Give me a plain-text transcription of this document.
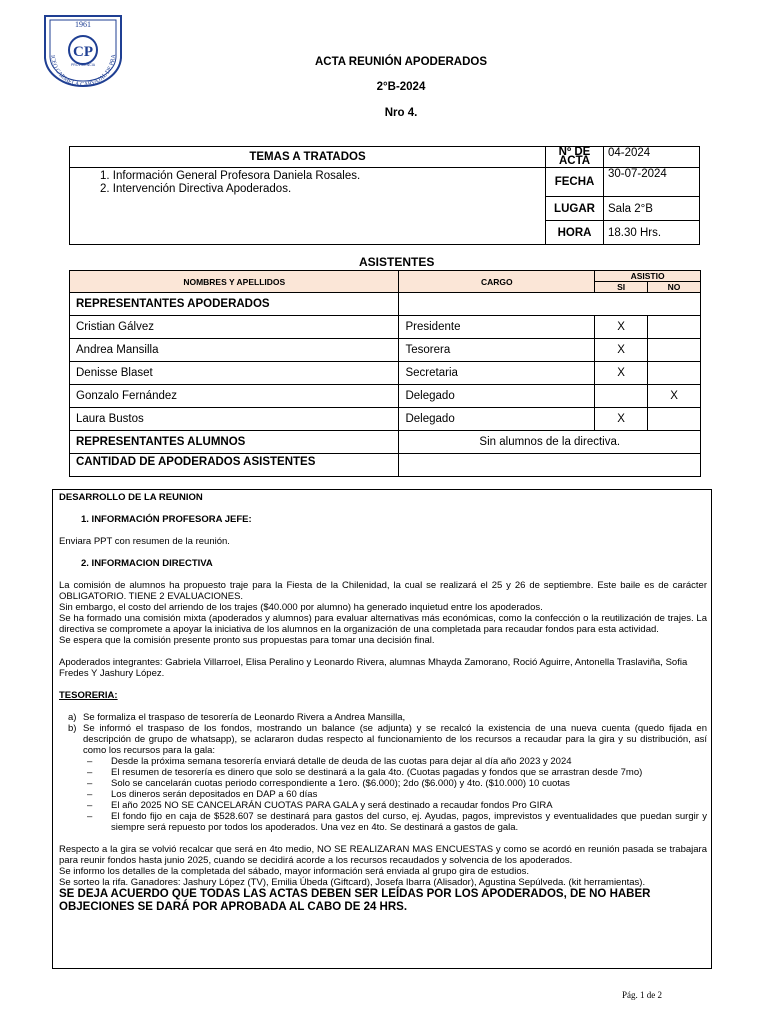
1961
CP
PROVIDENCIA
ICEO CARMELA CARVAJAL DE PRA	ACTA REUNIÓN APODERADOS
2°B-2024
Nro 4.
TEMAS A TRATADOS	Nº DE ACTA	04-2024

1. Información General Profesora Daniela Rosales.
2. Intervención Directiva Apoderados.	FECHA	30-07-2024
	LUGAR	Sala 2°B
	HORA	18.30 Hrs.
ASISTENTES
NOMBRES Y APELLIDOS	CARGO	ASISTIO	
		SI	NO
REPRESENTANTES APODERADOS			
Cristian Gálvez	Presidente	X	
Andrea Mansilla	Tesorera	X	
Denisse Blaset	Secretaria	X	
Gonzalo Fernández	Delegado		X
Laura Bustos	Delegado	X	
REPRESENTANTES ALUMNOS	Sin alumnos de la directiva.		
CANTIDAD DE APODERADOS ASISTENTES			

DESARROLLO DE LA REUNION

1. INFORMACIÓN PROFESORA JEFE:

Enviara PPT con resumen de la reunión.

2. INFORMACION DIRECTIVA

La comisión de alumnos ha propuesto traje para la Fiesta de la Chilenidad, la cual se realizará el 25 y 26 de septiembre. Este baile es de carácter OBLIGATORIO. TIENE 2 EVALUACIONES.

Sin embargo, el costo del arriendo de los trajes ($40.000 por alumno) ha generado inquietud entre los apoderados.

Se ha formado una comisión mixta (apoderados y alumnos) para evaluar alternativas más económicas, como la confección o la reutilización de trajes. La directiva se compromete a apoyar la iniciativa de los alumnos en la organización de una completada para recaudar fondos para esta actividad.

Se espera que la comisión presente pronto sus propuestas para tomar una decisión final.

Apoderados integrantes: Gabriela Villarroel, Elisa Peralino y Leonardo Rivera, alumnas Mhayda Zamorano, Roció Aguirre, Antonella Traslaviña, Sofia Fredes Y Jashury López.

TESORERIA:

a) Se formaliza el traspaso de tesorería de Leonardo Rivera a Andrea Mansilla,
b) Se informó el traspaso de los fondos, mostrando un balance (se adjunta) y se recalcó la existencia de una nueva cuenta (quedo fijada en descripción de grupo de whatsapp), se aclararon dudas respecto al funcionamiento de los recursos a recaudar para la gira y su distribución, así como los recursos para la gala:
–	Desde la próxima semana tesorería enviará detalle de deuda de las cuotas para dejar al día año 2023 y 2024
–	El resumen de tesorería es dinero que solo se destinará a la gala 4to. (Cuotas pagadas y fondos que se arrastran desde 7mo)
–	Solo se cancelarán cuotas periodo correspondiente a 1ero. ($6.000); 2do ($6.000) y 4to. ($10.000) 10 cuotas
–	Los dineros serán depositados en DAP a 60 días
–	El año 2025 NO SE CANCELARÁN CUOTAS PARA GALA y será destinado a recaudar fondos Pro GIRA
–	El fondo fijo en caja de $528.607 se destinará para gastos del curso, ej. Ayudas, pagos, imprevistos y eventualidades que puedan surgir y siempre será repuesto por todos los apoderados. Una vez en 4to. Se destinará a gastos de gala.

Respecto a la gira se volvió recalcar que será en 4to medio, NO SE REALIZARAN MAS ENCUESTAS y como se acordó en reunión pasada se trabajara para reunir fondos hasta junio 2025, cuando se decidirá acorde a los recursos recaudados y solvencia de los apoderados.

Se informo los detalles de la completada del sábado, mayor información será enviada al grupo gira de estudios.

Se sorteo la rifa. Ganadores: Jashury López (TV), Emilia Úbeda (Giftcard), Josefa Ibarra (Alisador), Agustina Sepúlveda. (kit herramientas).

SE DEJA ACUERDO QUE TODAS LAS ACTAS DEBEN SER LEÍDAS POR LOS APODERADOS, DE NO HABER OBJECIONES SE DARÁ POR APROBADA AL CABO DE 24 HRS.

Pág. 1 de 2
